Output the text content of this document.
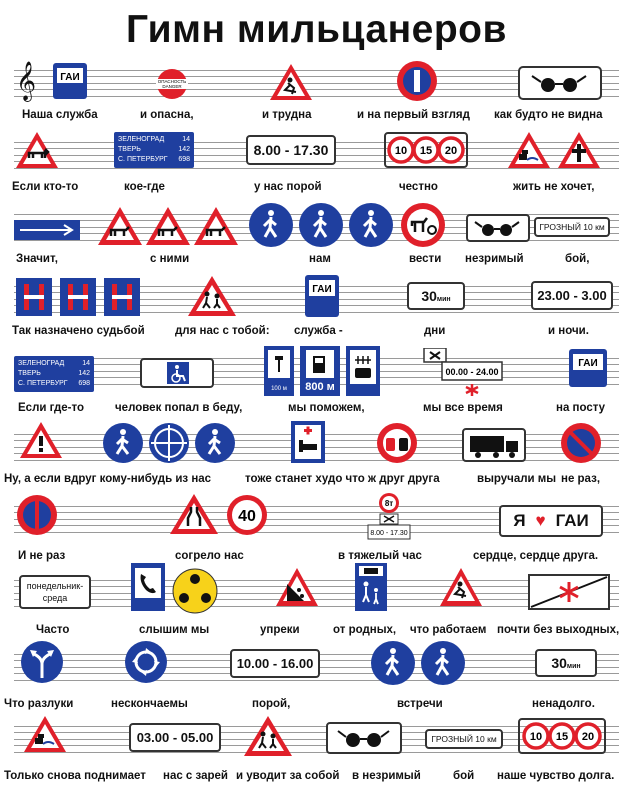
Гимн мильцанеров
𝄞 ГАИ	ОПАСНОСТЬ
DANGER
Наша служба	и опасна,	и трудна	и на первый взгляд как будто не видна
ЗЕЛЕНОГРАД	14
ТВЕРЬ	142
С. ПЕТЕРБУРГ 698
8.00 - 17.30	10 15 20
Если кто-то	кое-где	у нас порой	честно	жить не хочет,
ГРОЗНЫЙ 10 км
Значит,	с ними	нам	вести незримый	бой,
ГАИ	30мин	23.00 - 3.00
Так назначено судьбой	для нас с тобой: служба -	дни	и ночи.
ЗЕЛЕНОГРАД	14
ТВЕРЬ	142
С. ПЕТЕРБУРГ 698
100 м 800 м
00.00 - 24.00
ГАИ
Если где-то	человек попал в беду,	мы поможем,	мы все время	на посту
Ну, а если вдруг кому-нибудь из нас	тоже станет худо что ж друг друга	выручали мы не раз,
40
8т
8.00 - 17.30
Я ♥ ГАИ
И не раз	согрело нас	в тяжелый час	сердце, сердце друга.
понедельник-
среда
Часто	слышим мы	упреки	от родных, что работаем почти без выходных,
10.00 - 16.00	30мин
Что разлуки	нескончаемы	порой,	встречи	ненадолго.
03.00 - 05.00	ГРОЗНЫЙ 10 км	10 15 20
Только снова поднимает нас с зарей и уводит за собой в незримый	бой наше чувство долга.
